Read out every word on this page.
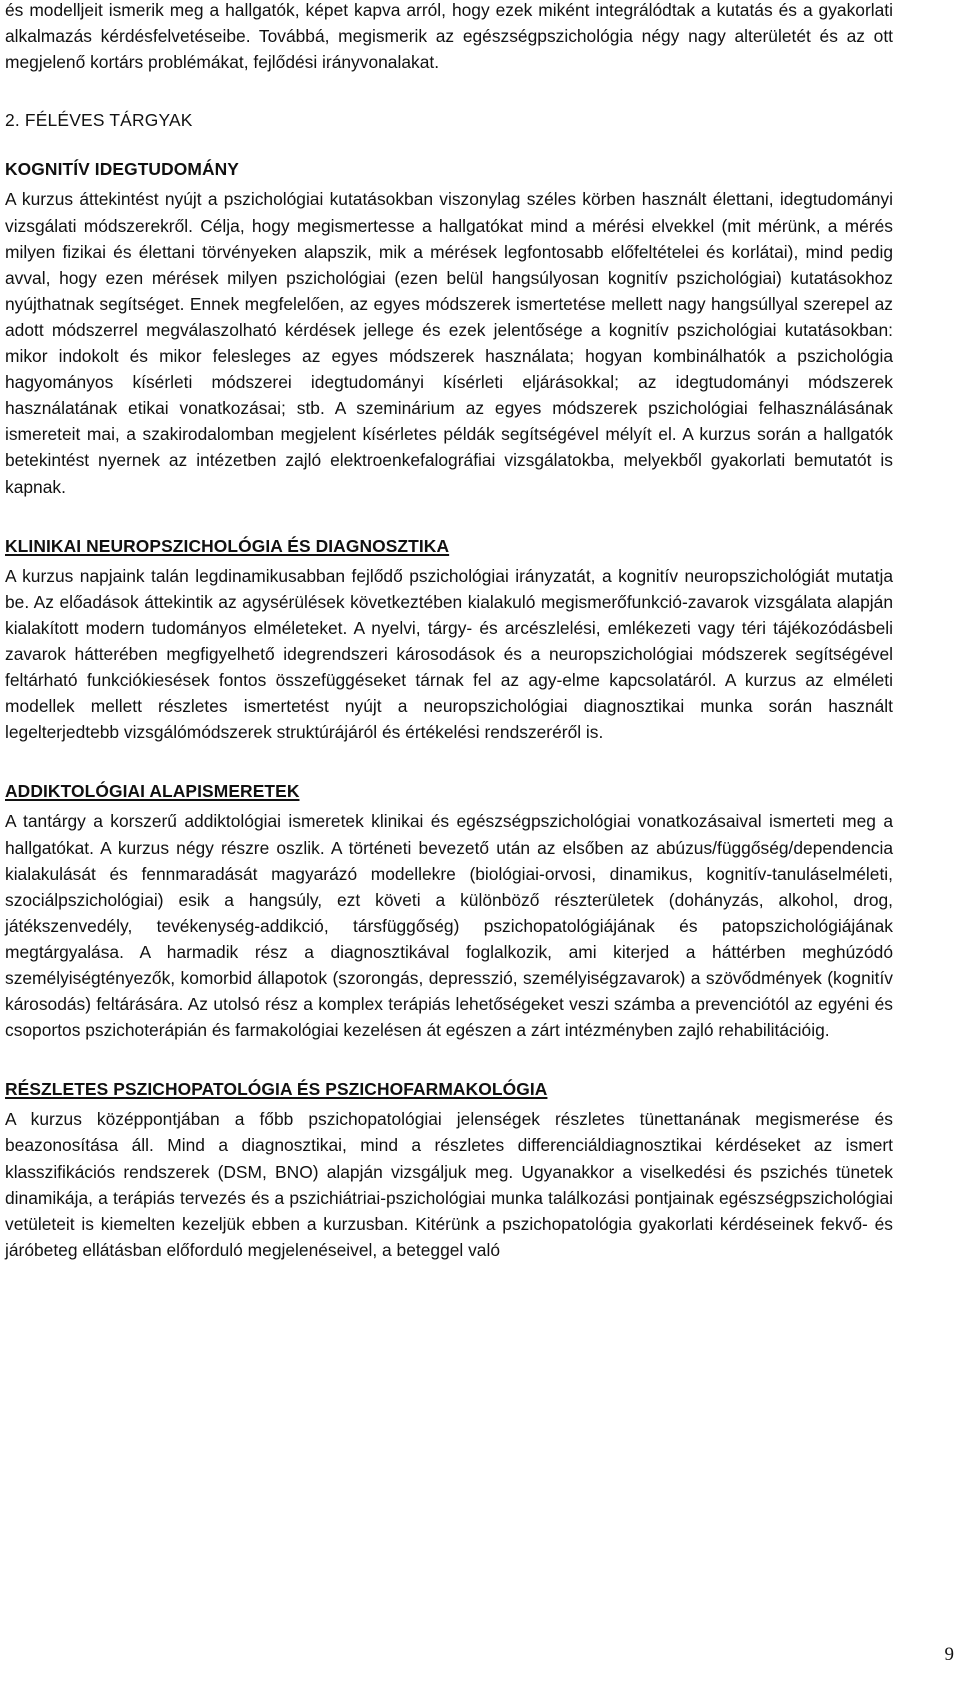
és modelljeit ismerik meg a hallgatók, képet kapva arról, hogy ezek miként integrálódtak a kutatás és a gyakorlati alkalmazás kérdésfelvetéseibe. Továbbá, megismerik az egészségpszichológia négy nagy alterületét és az ott megjelenő kortárs problémákat, fejlődési irányvonalakat.

2. FÉLÉVES TÁRGYAK
KOGNITÍV IDEGTUDOMÁNY

A kurzus áttekintést nyújt a pszichológiai kutatásokban viszonylag széles körben használt élettani, idegtudományi vizsgálati módszerekről. Célja, hogy megismertesse a hallgatókat mind a mérési elvekkel (mit mérünk, a mérés milyen fizikai és élettani törvényeken alapszik, mik a mérések legfontosabb előfeltételei és korlátai), mind pedig avval, hogy ezen mérések milyen pszichológiai (ezen belül hangsúlyosan kognitív pszichológiai) kutatásokhoz nyújthatnak segítséget. Ennek megfelelően, az egyes módszerek ismertetése mellett nagy hangsúllyal szerepel az adott módszerrel megválaszolható kérdések jellege és ezek jelentősége a kognitív pszichológiai kutatásokban: mikor indokolt és mikor felesleges az egyes módszerek használata; hogyan kombinálhatók a pszichológia hagyományos kísérleti módszerei idegtudományi kísérleti eljárásokkal; az idegtudományi módszerek használatának etikai vonatkozásai; stb. A szeminárium az egyes módszerek pszichológiai felhasználásának ismereteit mai, a szakirodalomban megjelent kísérletes példák segítségével mélyít el. A kurzus során a hallgatók betekintést nyernek az intézetben zajló elektroenkefalográfiai vizsgálatokba, melyekből gyakorlati bemutatót is kapnak.

KLINIKAI NEUROPSZICHOLÓGIA ÉS DIAGNOSZTIKA

A kurzus napjaink talán legdinamikusabban fejlődő pszichológiai irányzatát, a kognitív neuropszichológiát mutatja be. Az előadások áttekintik az agysérülések következtében kialakuló megismerőfunkció-zavarok vizsgálata alapján kialakított modern tudományos elméleteket. A nyelvi, tárgy- és arcészlelési, emlékezeti vagy téri tájékozódásbeli zavarok hátterében megfigyelhető idegrendszeri károsodások és a neuropszichológiai módszerek segítségével feltárható funkciókiesések fontos összefüggéseket tárnak fel az agy-elme kapcsolatáról. A kurzus az elméleti modellek mellett részletes ismertetést nyújt a neuropszichológiai diagnosztikai munka során használt legelterjedtebb vizsgálómódszerek struktúrájáról és értékelési rendszeréről is.

ADDIKTOLÓGIAI ALAPISMERETEK

A tantárgy a korszerű addiktológiai ismeretek klinikai és egészségpszichológiai vonatkozásaival ismerteti meg a hallgatókat. A kurzus négy részre oszlik. A történeti bevezető után az elsőben az abúzus/függőség/dependencia kialakulását és fennmaradását magyarázó modellekre (biológiai-orvosi, dinamikus, kognitív-tanuláselméleti, szociálpszichológiai) esik a hangsúly, ezt követi a különböző részterületek (dohányzás, alkohol, drog, játékszenvedély, tevékenység-addikció, társfüggőség) pszichopatológiájának és patopszichológiájának megtárgyalása. A harmadik rész a diagnosztikával foglalkozik, ami kiterjed a háttérben meghúzódó személyiségtényezők, komorbid állapotok (szorongás, depresszió, személyiségzavarok) a szövődmények (kognitív károsodás) feltárására. Az utolsó rész a komplex terápiás lehetőségeket veszi számba a prevenciótól az egyéni és csoportos pszichoterápián és farmakológiai kezelésen át egészen a zárt intézményben zajló rehabilitációig.

RÉSZLETES PSZICHOPATOLÓGIA ÉS PSZICHOFARMAKOLÓGIA

A kurzus középpontjában a főbb pszichopatológiai jelenségek részletes tünettanának megismerése és beazonosítása áll. Mind a diagnosztikai, mind a részletes differenciáldiagnosztikai kérdéseket az ismert klasszifikációs rendszerek (DSM, BNO) alapján vizsgáljuk meg. Ugyanakkor a viselkedési és pszichés tünetek dinamikája, a terápiás tervezés és a pszichiátriai-pszichológiai munka találkozási pontjainak egészségpszichológiai vetületeit is kiemelten kezeljük ebben a kurzusban. Kitérünk a pszichopatológia gyakorlati kérdéseinek fekvő- és járóbeteg ellátásban előforduló megjelenéseivel, a beteggel való

9
